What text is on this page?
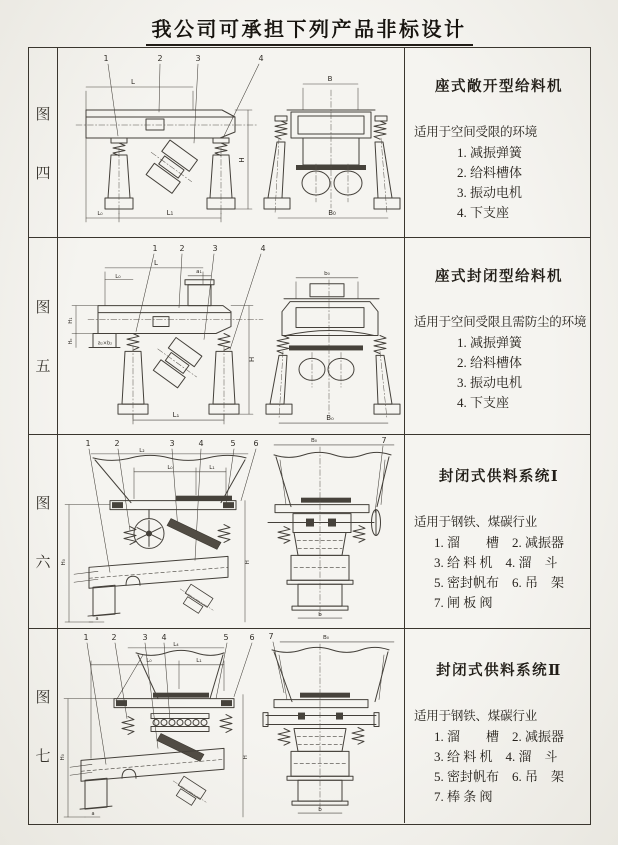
我公司可承担下列产品非标设计
图
四
1	2	3	4
L
H
L₀	L₁
B
B₀
座式敞开型给料机
适用于空间受限的环境
1. 减振弹簧
2. 给料槽体
3. 振动电机
4. 下支座
图
五
1	2	3	4
L
L₀
a₁
a₂×b₂
H₁
H₀
H
L₁
b₀
B₀
座式封闭型给料机
适用于空间受限且需防尘的环境
1. 减振弹簧
2. 给料槽体
3. 振动电机
4. 下支座
图
六
1	2	3	4	5 6
L₂
L₀	L₁
H₀
a
H
B₀	7
b
封闭式供料系统Ⅰ
适用于钢铁、煤碳行业
1. 溜　　槽　2. 减振器
3. 给 料 机　4. 溜　斗
5. 密封帆布　6. 吊　架
7. 闸 板 阀
图
七
1	2	3 4	5	6
L₄
L₀	L₁
H₀
a
H
7	B₀
b
封闭式供料系统Ⅱ
适用于钢铁、煤碳行业
1. 溜　　槽　2. 减振器
3. 给 料 机　4. 溜　斗
5. 密封帆布　6. 吊　架
7. 棒 条 阀
